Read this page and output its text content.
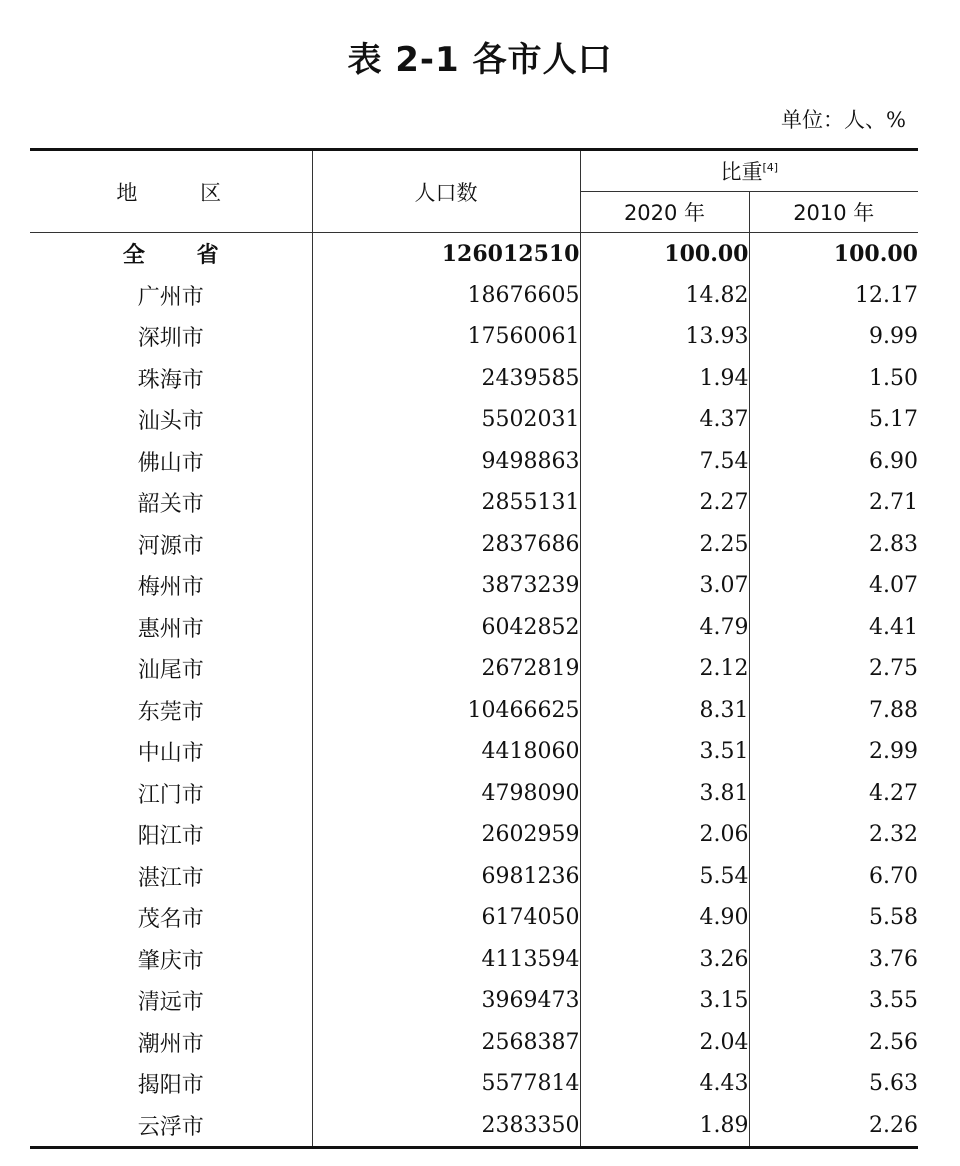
表 2-1 各市人口
单位：人、%
地 区	人口数	比重[4]
		2020 年	2010 年
全 省	126012510	100.00	100.00
广州市	18676605	14.82	12.17
深圳市	17560061	13.93	9.99
珠海市	2439585	1.94	1.50
汕头市	5502031	4.37	5.17
佛山市	9498863	7.54	6.90
韶关市	2855131	2.27	2.71
河源市	2837686	2.25	2.83
梅州市	3873239	3.07	4.07
惠州市	6042852	4.79	4.41
汕尾市	2672819	2.12	2.75
东莞市	10466625	8.31	7.88
中山市	4418060	3.51	2.99
江门市	4798090	3.81	4.27
阳江市	2602959	2.06	2.32
湛江市	6981236	5.54	6.70
茂名市	6174050	4.90	5.58
肇庆市	4113594	3.26	3.76
清远市	3969473	3.15	3.55
潮州市	2568387	2.04	2.56
揭阳市	5577814	4.43	5.63
云浮市	2383350	1.89	2.26
